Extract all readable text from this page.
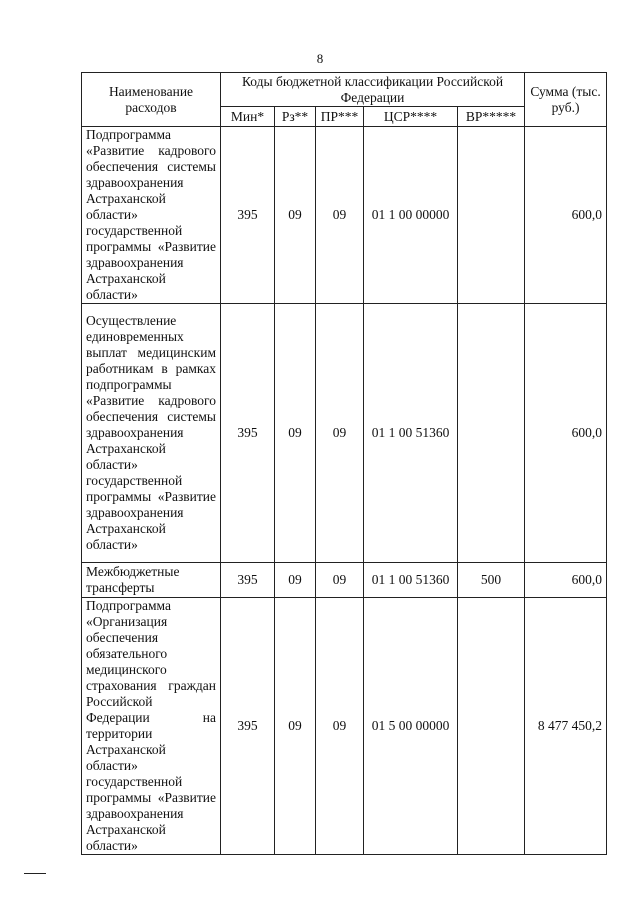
8
Наименование расходов	Коды бюджетной классификации Российской Федерации					Сумма (тыс. руб.)
	Мин*	Рз**	ПР***	ЦСР****	ВР*****	
Подпрограмма «Развитие кадрового обеспечения системы здравоохранения Астраханской области» государственной программы «Развитие здравоохранения Астраханской области»	395	09	09	01 1 00 00000		600,0
Осуществление единовременных выплат медицинским работникам в рамках подпрограммы «Развитие кадрового обеспечения системы здравоохранения Астраханской области» государственной программы «Развитие здравоохранения Астраханской области»	395	09	09	01 1 00 51360		600,0
Межбюджетные трансферты	395	09	09	01 1 00 51360	500	600,0
Подпрограмма «Организация обеспечения обязательного медицинского страхования граждан Российской Федерации на территории Астраханской области» государственной программы «Развитие здравоохранения Астраханской области»	395	09	09	01 5 00 00000		8 477 450,2
